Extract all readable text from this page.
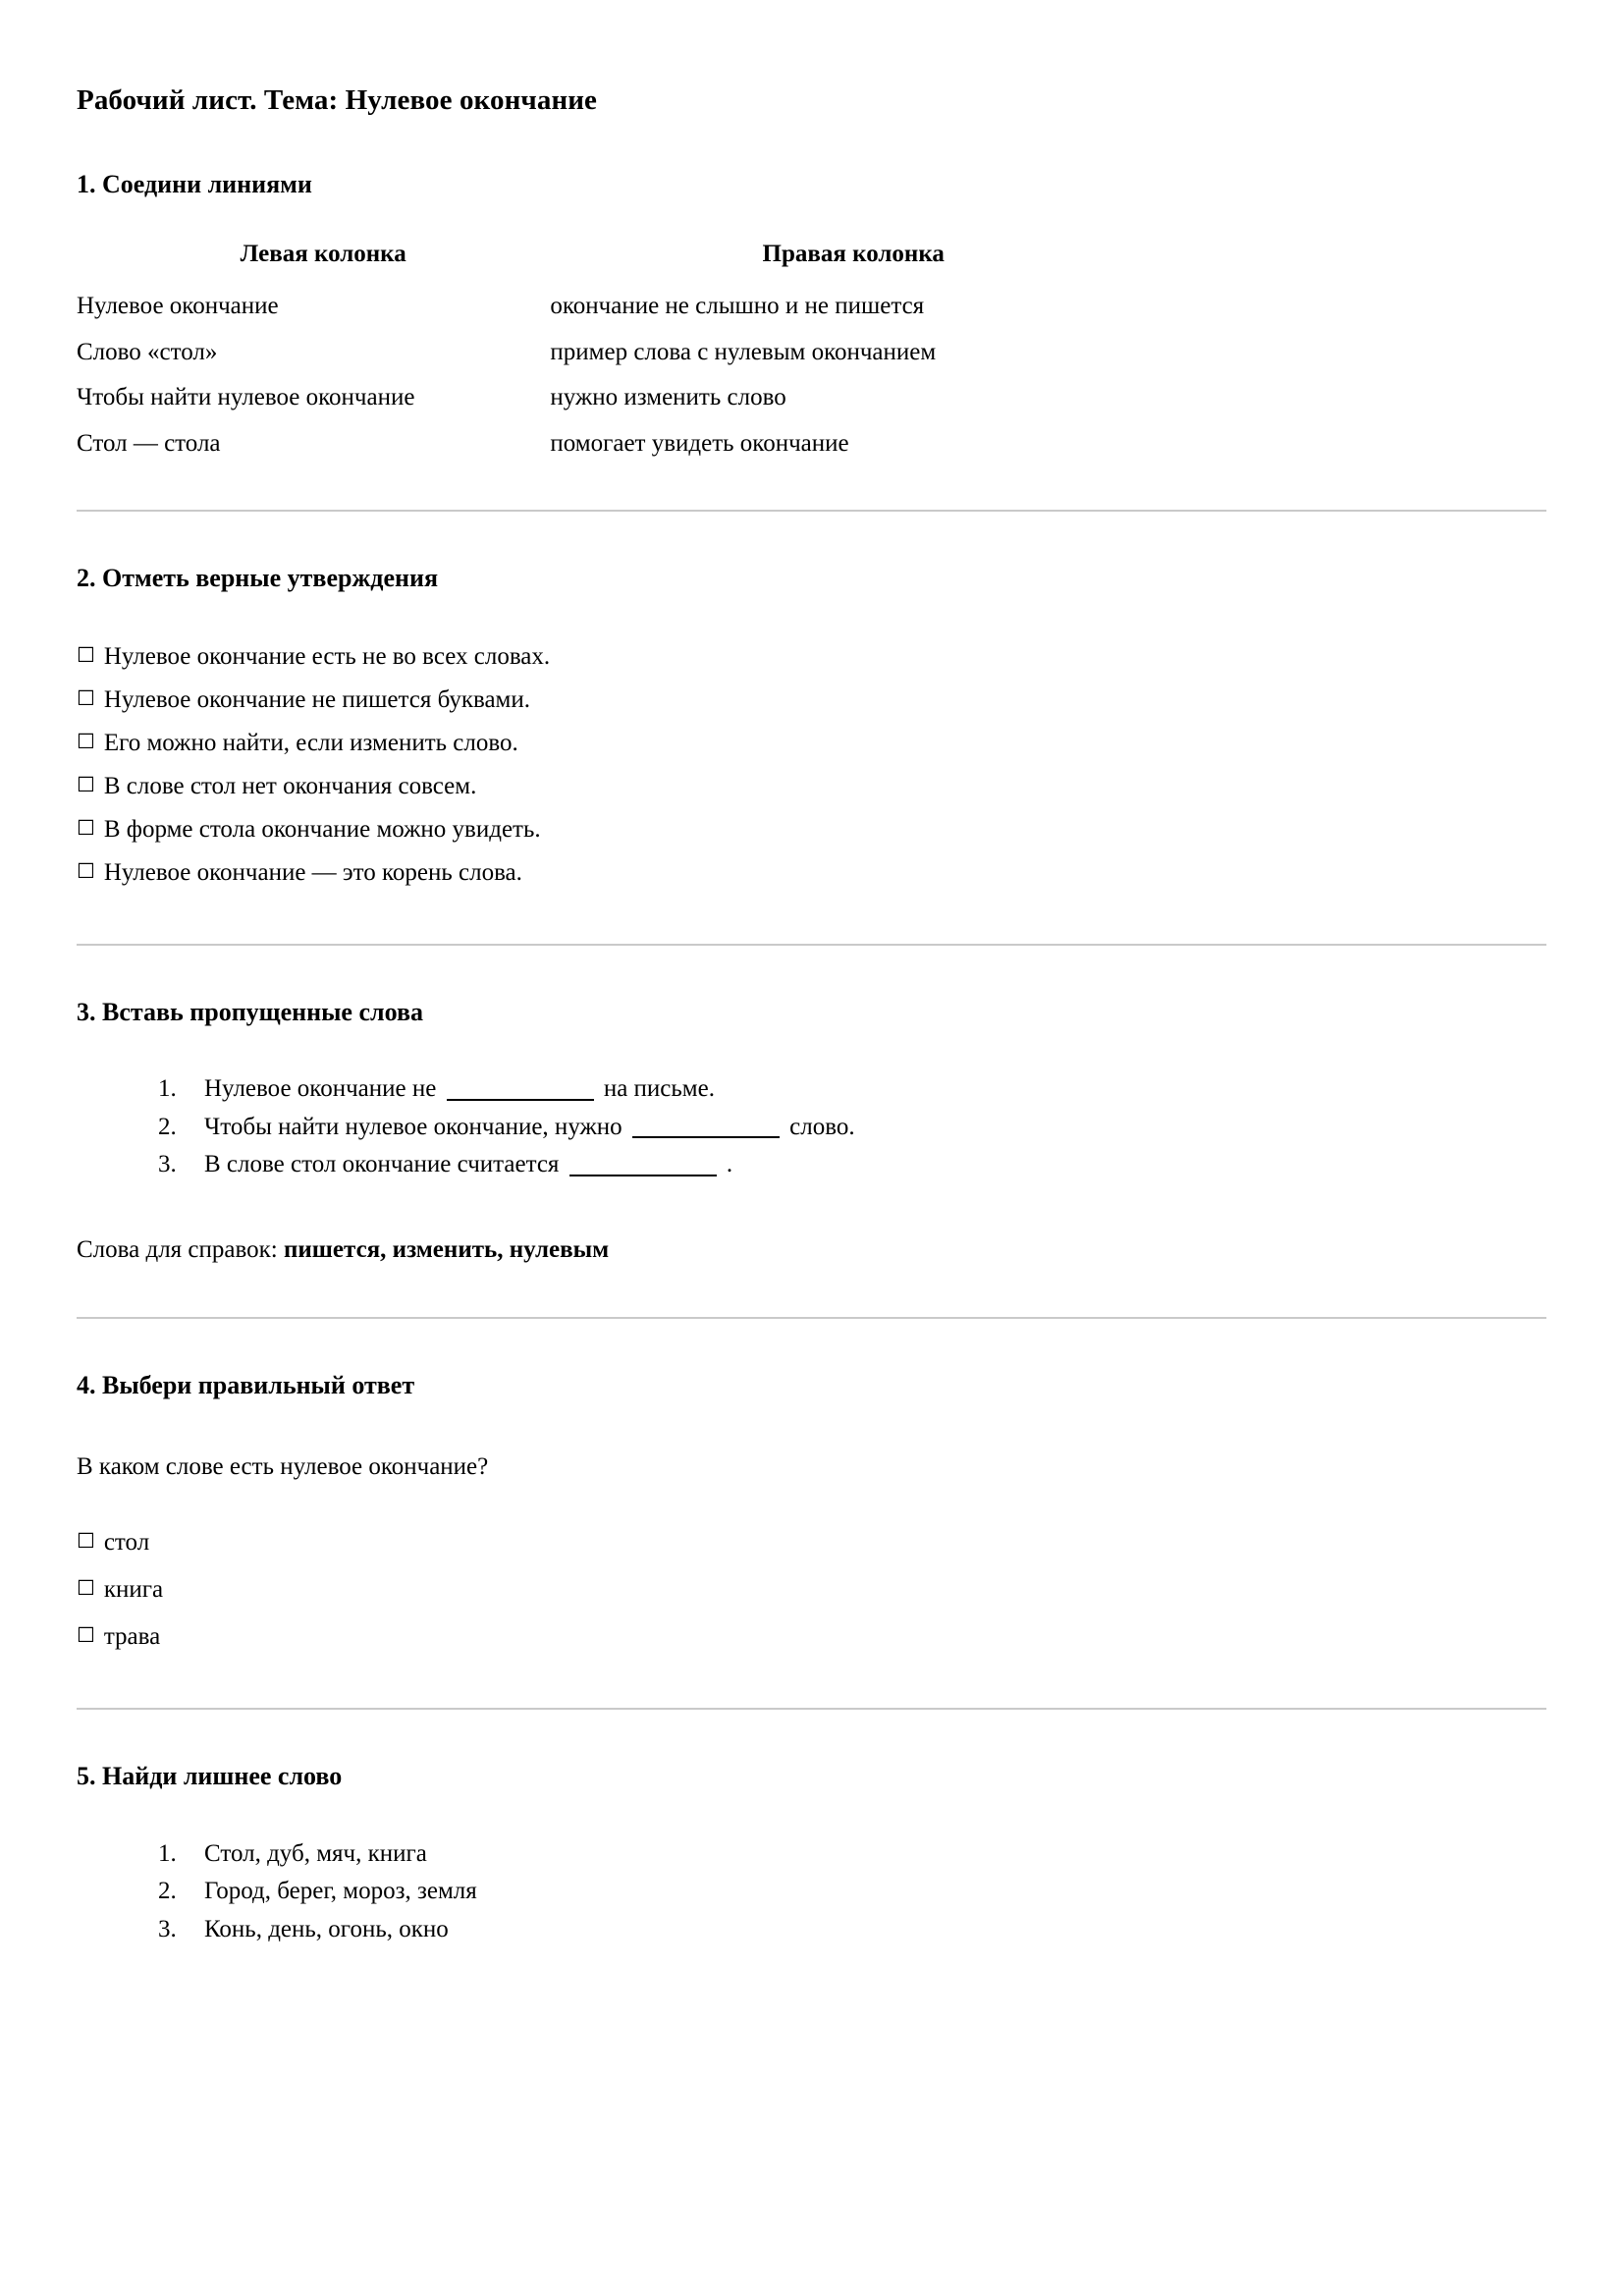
Рабочий лист. Тема: Нулевое окончание
1. Соедини линиями
Левая колонка	Правая колонка
Нулевое окончание	окончание не слышно и не пишется
Слово «стол»	пример слова с нулевым окончанием
Чтобы найти нулевое окончание	нужно изменить слово
Стол — стола	помогает увидеть окончание
2. Отметь верные утверждения
☐ Нулевое окончание есть не во всех словах.
☐ Нулевое окончание не пишется буквами.
☐ Его можно найти, если изменить слово.
☐ В слове стол нет окончания совсем.
☐ В форме стола окончание можно увидеть.
☐ Нулевое окончание — это корень слова.
3. Вставь пропущенные слова
1. Нулевое окончание не	на письме.
2. Чтобы найти нулевое окончание, нужно	слово.
3. В слове стол окончание считается	.

Слова для справок: пишется, изменить, нулевым

4. Выбери правильный ответ

В каком слове есть нулевое окончание?

☐ стол
☐ книга
☐ трава
5. Найди лишнее слово
1. Стол, дуб, мяч, книга
2. Город, берег, мороз, земля
3. Конь, день, огонь, окно
